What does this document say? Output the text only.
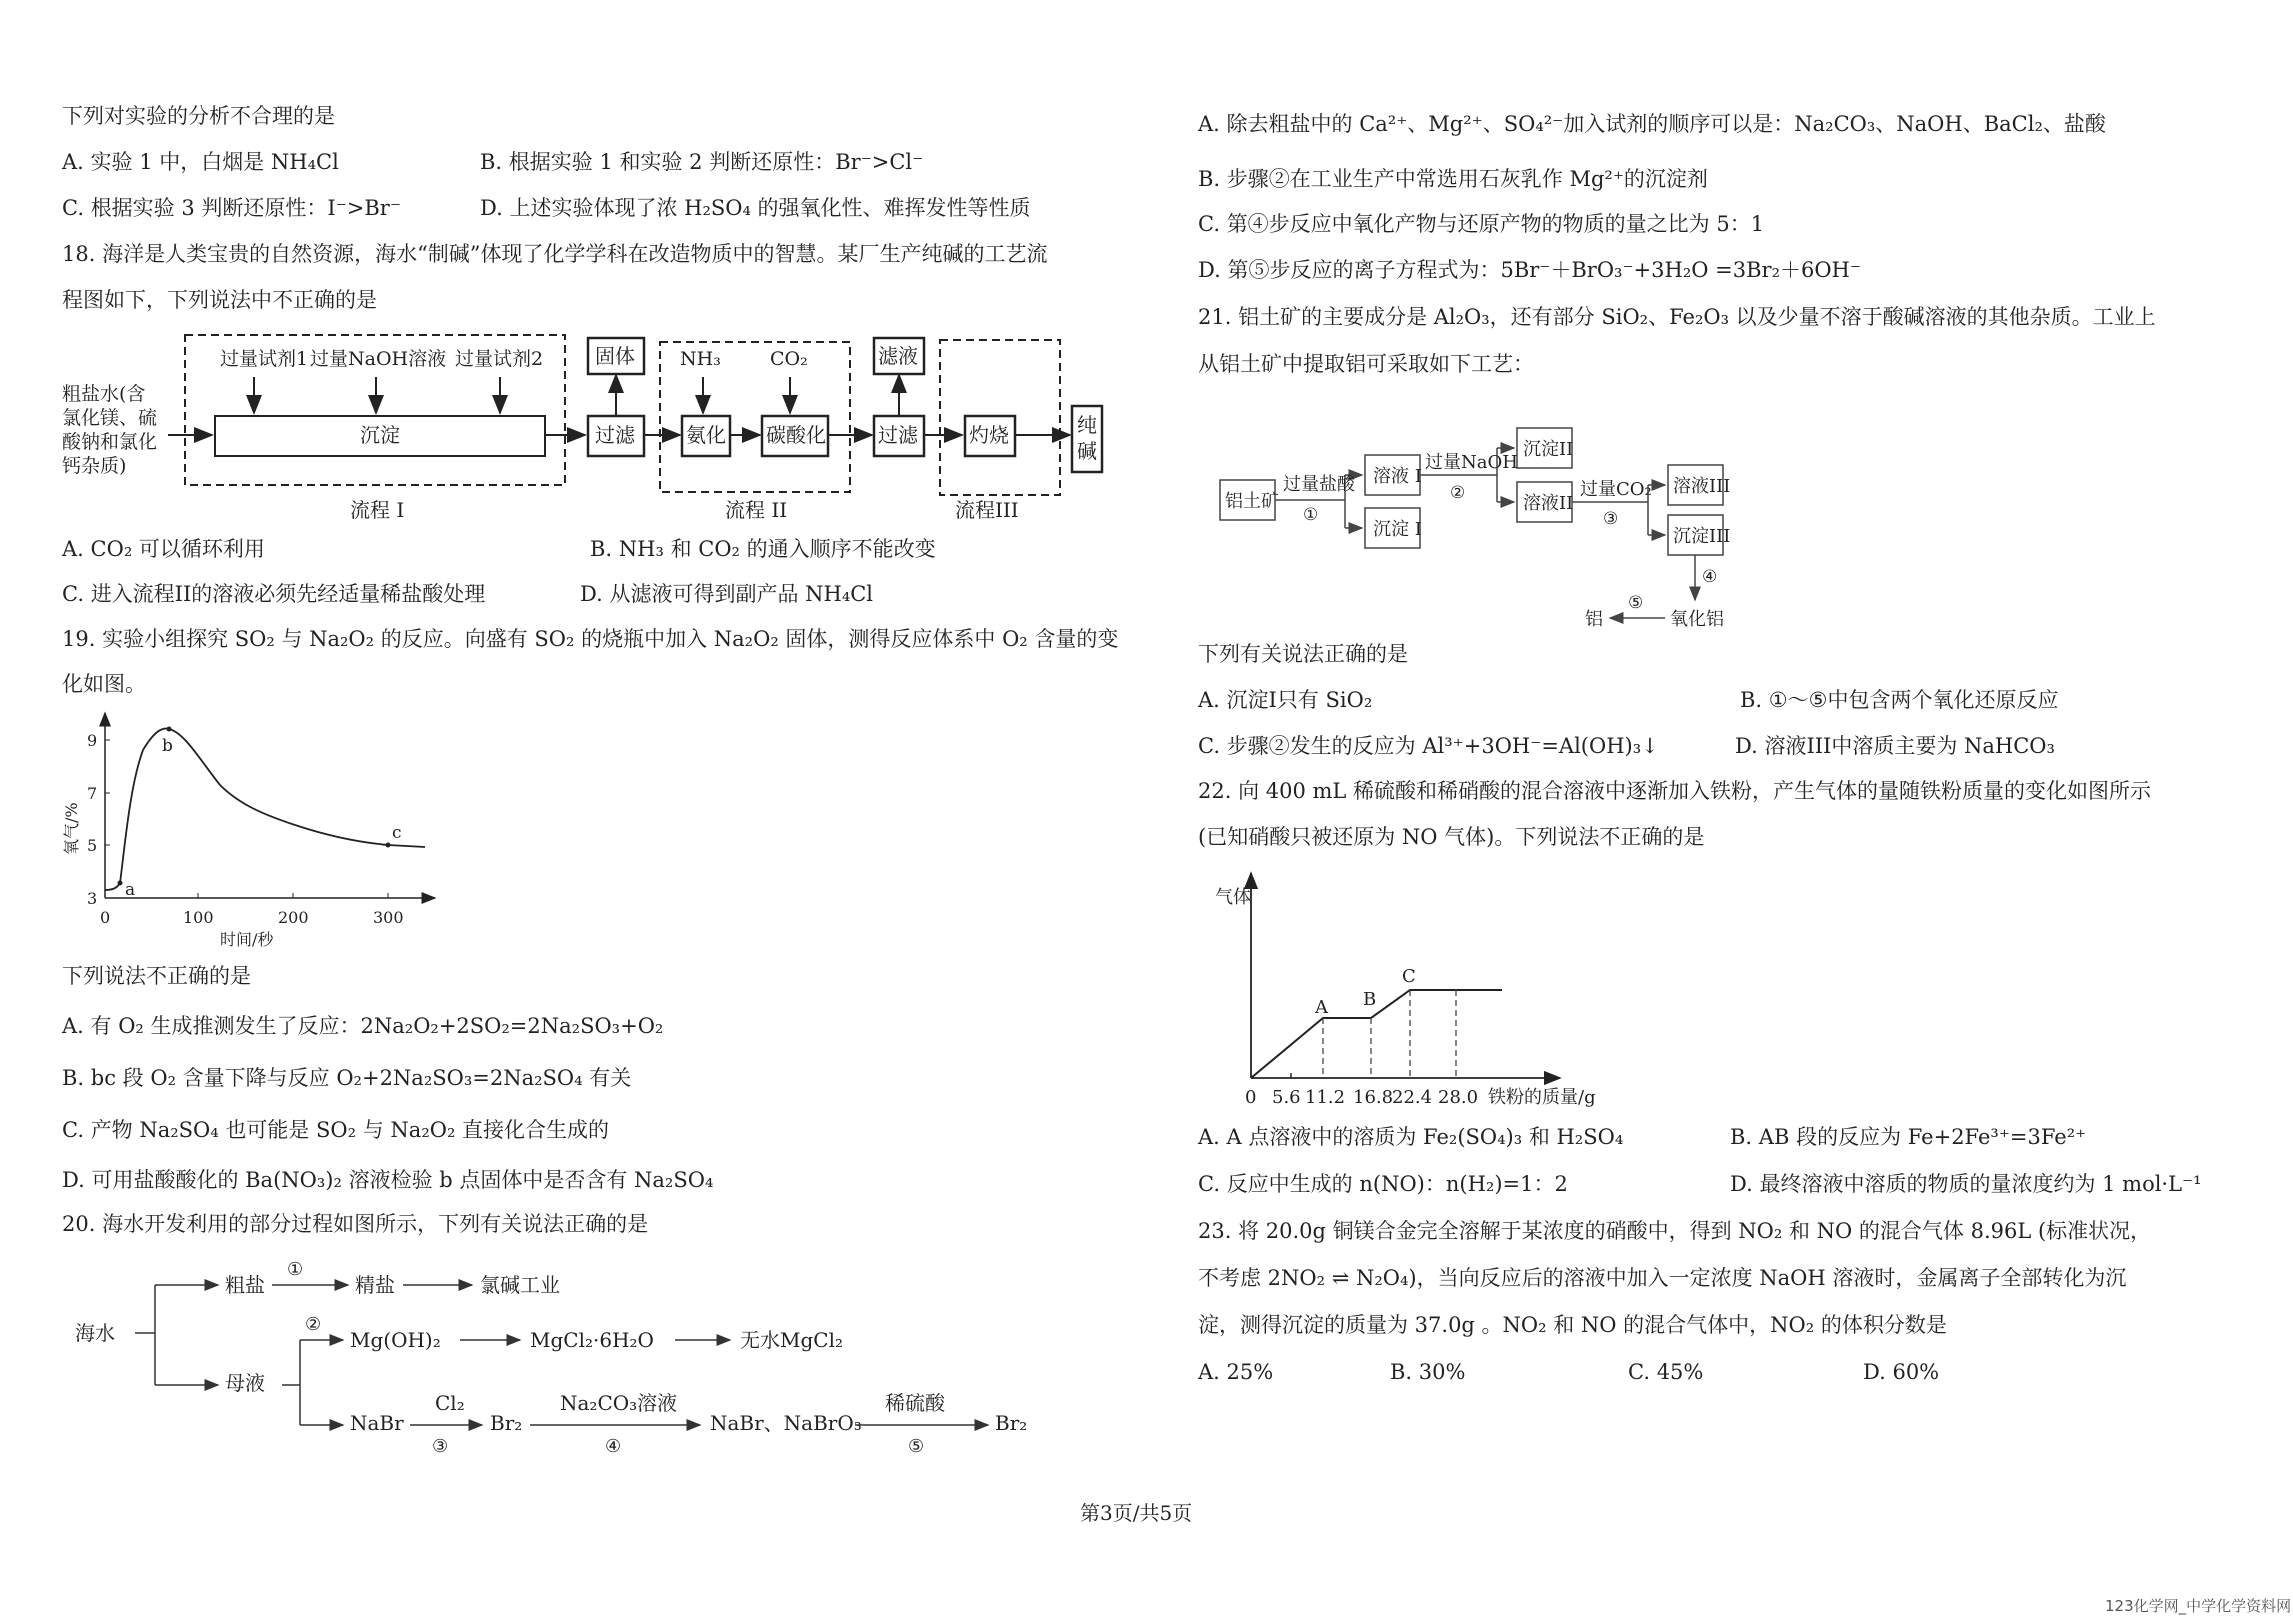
下列对实验的分析不合理的是
A. 实验 1 中，白烟是 NH₄Cl	B. 根据实验 1 和实验 2 判断还原性：Br⁻>Cl⁻
C. 根据实验 3 判断还原性：I⁻>Br⁻	D. 上述实验体现了浓 H₂SO₄ 的强氧化性、难挥发性等性质
18. 海洋是人类宝贵的自然资源，海水“制碱”体现了化学学科在改造物质中的智慧。某厂生产纯碱的工艺流
程图如下，下列说法中不正确的是
粗盐水(含
氯化镁、硫
酸钠和氯化
钙杂质)
过量试剂1 过量NaOH溶液 过量试剂2
沉淀	过滤
固体 NH₃	CO₂
氨化 碳酸化	过滤
滤液
灼烧	纯
碱
流程 I	流程 II	流程III
A. CO₂ 可以循环利用	B. NH₃ 和 CO₂ 的通入顺序不能改变
C. 进入流程II的溶液必须先经适量稀盐酸处理	D. 从滤液可得到副产品 NH₄Cl
19. 实验小组探究 SO₂ 与 Na₂O₂ 的反应。向盛有 SO₂ 的烧瓶中加入 Na₂O₂ 固体，测得反应体系中 O₂ 含量的变
化如图。
3
5
7
9
0	100	200	300
时间/秒
氧气/%
a
b
c
下列说法不正确的是
A. 有 O₂ 生成推测发生了反应：2Na₂O₂+2SO₂=2Na₂SO₃+O₂
B. bc 段 O₂ 含量下降与反应 O₂+2Na₂SO₃=2Na₂SO₄ 有关
C. 产物 Na₂SO₄ 也可能是 SO₂ 与 Na₂O₂ 直接化合生成的
D. 可用盐酸酸化的 Ba(NO₃)₂ 溶液检验 b 点固体中是否含有 Na₂SO₄
20. 海水开发利用的部分过程如图所示，下列有关说法正确的是
海水
粗盐	精盐	氯碱工业
母液
Mg(OH)₂	MgCl₂·6H₂O	无水MgCl₂
NaBr
Cl₂
Br₂
Na₂CO₃溶液
NaBr、NaBrO₃
稀硫酸
Br₂
①
②
③	④	⑤
A. 除去粗盐中的 Ca²⁺、Mg²⁺、SO₄²⁻加入试剂的顺序可以是：Na₂CO₃、NaOH、BaCl₂、盐酸
B. 步骤②在工业生产中常选用石灰乳作 Mg²⁺的沉淀剂
C. 第④步反应中氧化产物与还原产物的物质的量之比为 5：1
D. 第⑤步反应的离子方程式为：5Br⁻＋BrO₃⁻+3H₂O =3Br₂＋6OH⁻
21. 铝土矿的主要成分是 Al₂O₃，还有部分 SiO₂、Fe₂O₃ 以及少量不溶于酸碱溶液的其他杂质。工业上
从铝土矿中提取铝可采取如下工艺：
铝土矿
过量盐酸 溶液 I
沉淀 I
过量NaOH
沉淀II
溶液II
过量CO₂ 溶液III
沉淀III
氧化铝
铝
①
②
③
④
⑤
下列有关说法正确的是
A. 沉淀I只有 SiO₂	B. ①～⑤中包含两个氧化还原反应
C. 步骤②发生的反应为 Al³⁺+3OH⁻=Al(OH)₃↓	D. 溶液III中溶质主要为 NaHCO₃
22. 向 400 mL 稀硫酸和稀硝酸的混合溶液中逐渐加入铁粉，产生气体的量随铁粉质量的变化如图所示
(已知硝酸只被还原为 NO 气体)。下列说法不正确的是
气体
A B
C
0 5.6 11.2 16.8
22.4 28.0 铁粉的质量/g
A. A 点溶液中的溶质为 Fe₂(SO₄)₃ 和 H₂SO₄	B. AB 段的反应为 Fe+2Fe³⁺=3Fe²⁺
C. 反应中生成的 n(NO)：n(H₂)=1：2	D. 最终溶液中溶质的物质的量浓度约为 1 mol·L⁻¹
23. 将 20.0g 铜镁合金完全溶解于某浓度的硝酸中，得到 NO₂ 和 NO 的混合气体 8.96L (标准状况，
不考虑 2NO₂ ⇌ N₂O₄)，当向反应后的溶液中加入一定浓度 NaOH 溶液时，金属离子全部转化为沉
淀，测得沉淀的质量为 37.0g 。NO₂ 和 NO 的混合气体中，NO₂ 的体积分数是
A. 25%	B. 30%	C. 45%	D. 60%
第3页/共5页
123化学网_中学化学资料网
